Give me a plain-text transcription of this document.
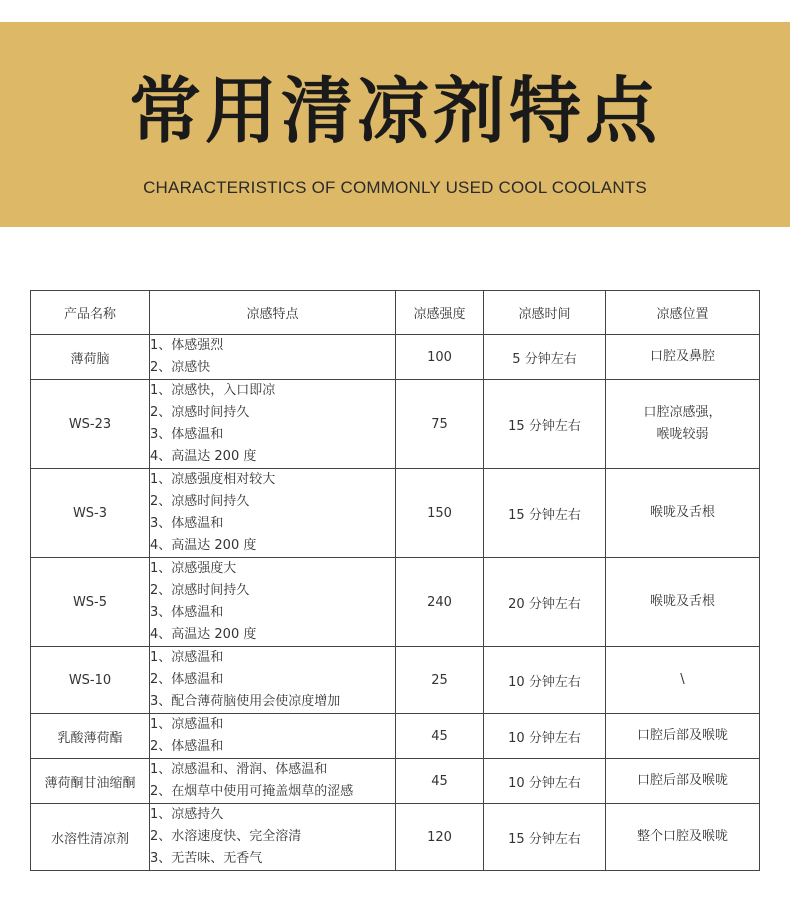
常用清凉剂特点
CHARACTERISTICS OF COMMONLY USED COOL COOLANTS
产品名称	凉感特点	凉感强度	凉感时间	凉感位置
薄荷脑	1、体感强烈
2、凉感快	100	5 分钟左右	口腔及鼻腔

WS-23	1、凉感快，入口即凉
2、凉感时间持久
3、体感温和
4、高温达 200 度	75	15 分钟左右	口腔凉感强，
喉咙较弱

WS-3	1、凉感强度相对较大
2、凉感时间持久
3、体感温和
4、高温达 200 度	150	15 分钟左右	喉咙及舌根

WS-5	1、凉感强度大
2、凉感时间持久
3、体感温和
4、高温达 200 度	240	20 分钟左右	喉咙及舌根

WS-10	1、凉感温和
2、体感温和
3、配合薄荷脑使用会使凉度增加	25	10 分钟左右	\

乳酸薄荷酯	1、凉感温和
2、体感温和	45	10 分钟左右	口腔后部及喉咙

薄荷酮甘油缩酮	1、凉感温和、滑润、体感温和
2、在烟草中使用可掩盖烟草的涩感	45	10 分钟左右	口腔后部及喉咙

水溶性清凉剂	1、凉感持久
2、水溶速度快、完全溶清
3、无苦味、无香气	120	15 分钟左右	整个口腔及喉咙
